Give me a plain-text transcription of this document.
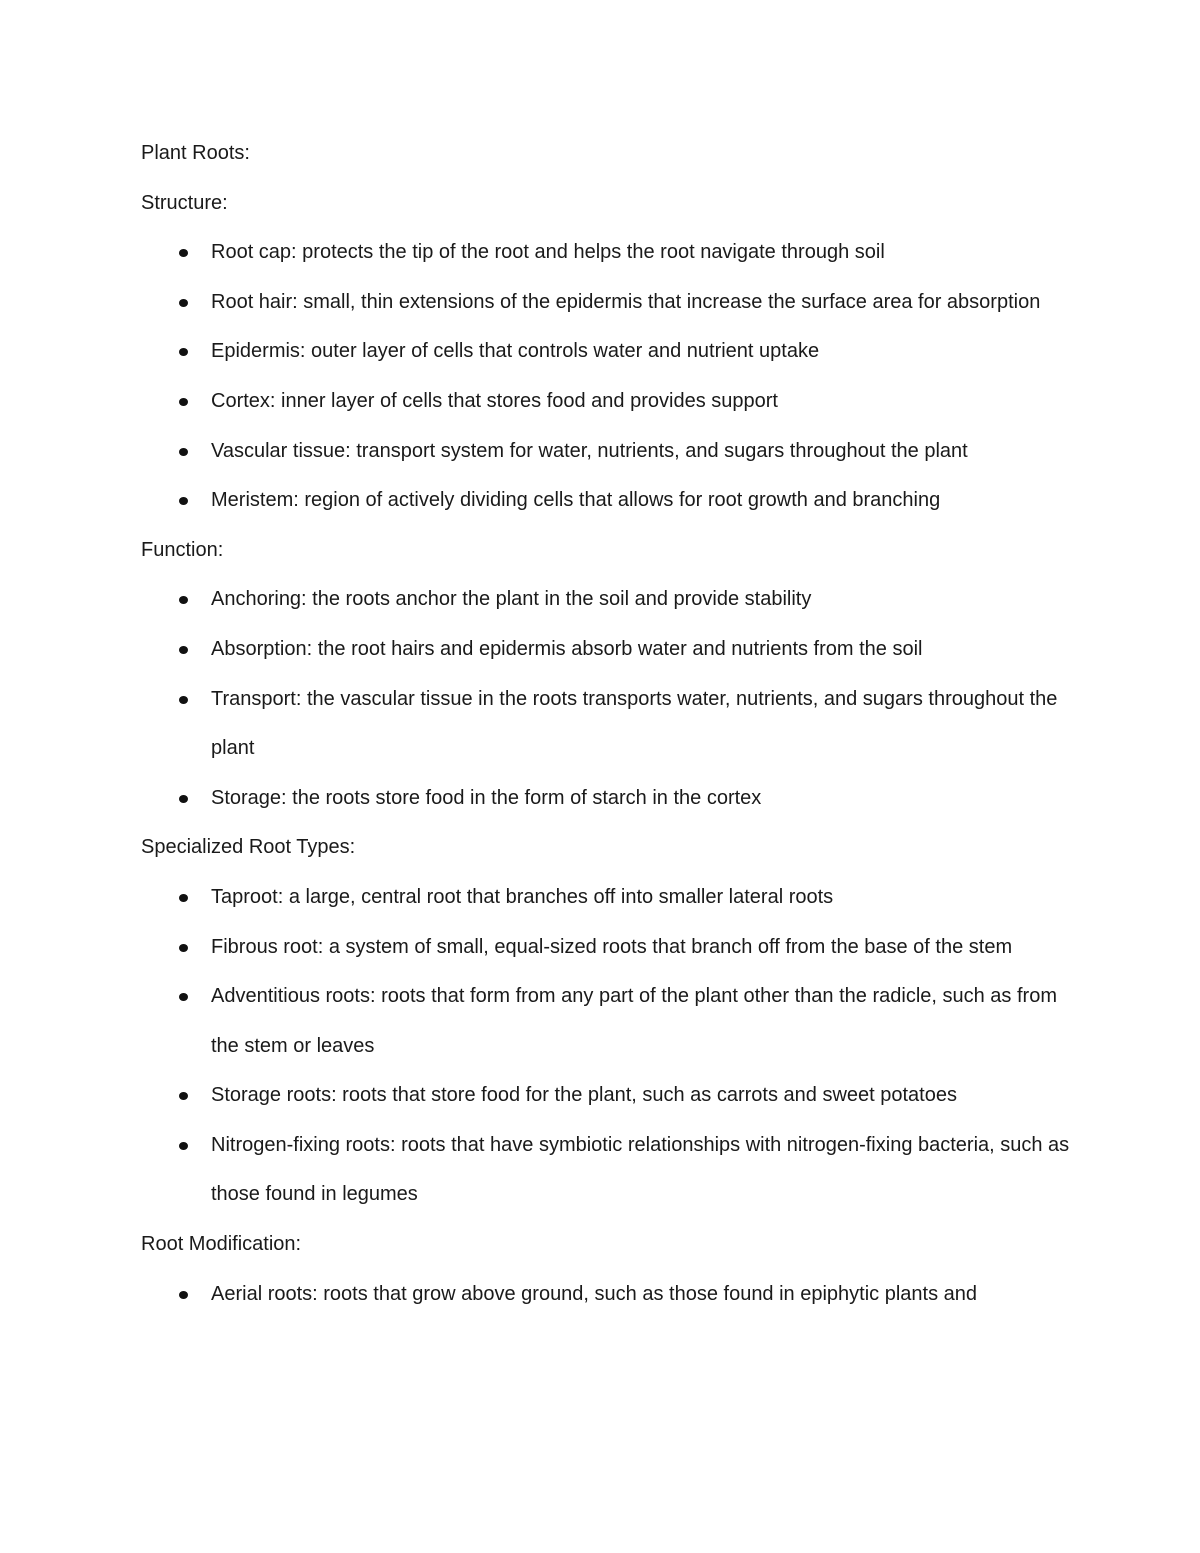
Plant Roots:

Structure:

Root cap: protects the tip of the root and helps the root navigate through soil
Root hair: small, thin extensions of the epidermis that increase the surface area for absorption
Epidermis: outer layer of cells that controls water and nutrient uptake
Cortex: inner layer of cells that stores food and provides support
Vascular tissue: transport system for water, nutrients, and sugars throughout the plant
Meristem: region of actively dividing cells that allows for root growth and branching

Function:

Anchoring: the roots anchor the plant in the soil and provide stability
Absorption: the root hairs and epidermis absorb water and nutrients from the soil
Transport: the vascular tissue in the roots transports water, nutrients, and sugars throughout the plant
Storage: the roots store food in the form of starch in the cortex

Specialized Root Types:

Taproot: a large, central root that branches off into smaller lateral roots
Fibrous root: a system of small, equal-sized roots that branch off from the base of the stem
Adventitious roots: roots that form from any part of the plant other than the radicle, such as from the stem or leaves
Storage roots: roots that store food for the plant, such as carrots and sweet potatoes
Nitrogen-fixing roots: roots that have symbiotic relationships with nitrogen-fixing bacteria, such as those found in legumes

Root Modification:

Aerial roots: roots that grow above ground, such as those found in epiphytic plants and
